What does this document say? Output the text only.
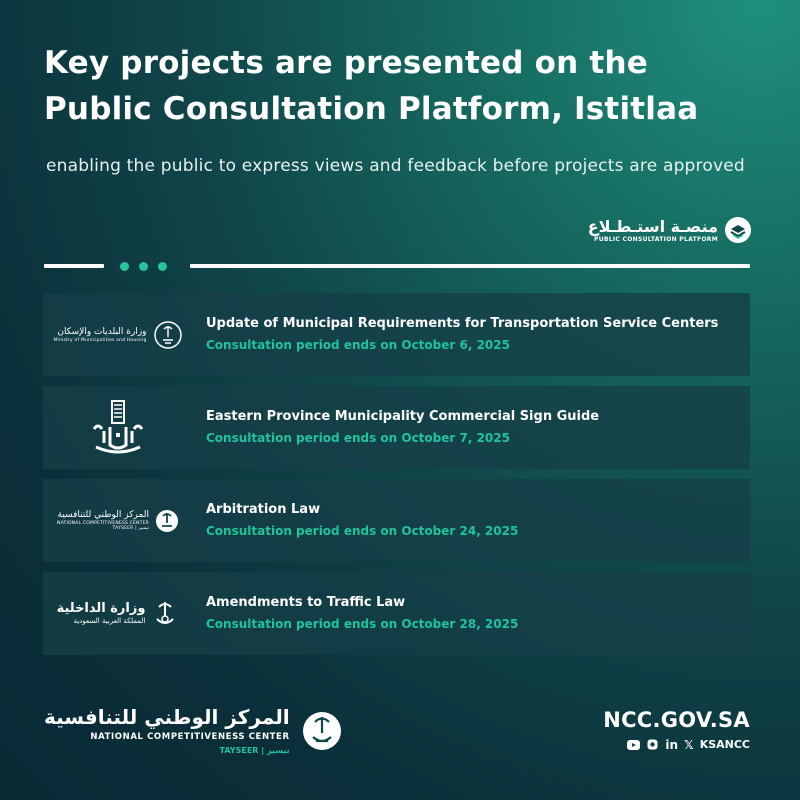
Key projects are presented on the
Public Consultation Platform, Istitlaa
enabling the public to express views and feedback before projects are approved
منصـة استـطـلاع
PUBLIC CONSULTATION PLATFORM
وزارة البلديات والإسكان
Ministry of Municipalities and Housing
Update of Municipal Requirements for Transportation Service Centers
Consultation period ends on October 6, 2025
Eastern Province Municipality Commercial Sign Guide
Consultation period ends on October 7, 2025
المركز الوطني للتنافسية
NATIONAL COMPETITIVENESS CENTER
TAYSEER | تيسير
Arbitration Law
Consultation period ends on October 24, 2025
وزارة الداخلية
المملكة العربية السعودية
Amendments to Traffic Law
Consultation period ends on October 28, 2025
المركز الوطني للتنافسية
NATIONAL COMPETITIVENESS CENTER
TAYSEER | تيسير
NCC.GOV.SA
in 𝕏 KSANCC
